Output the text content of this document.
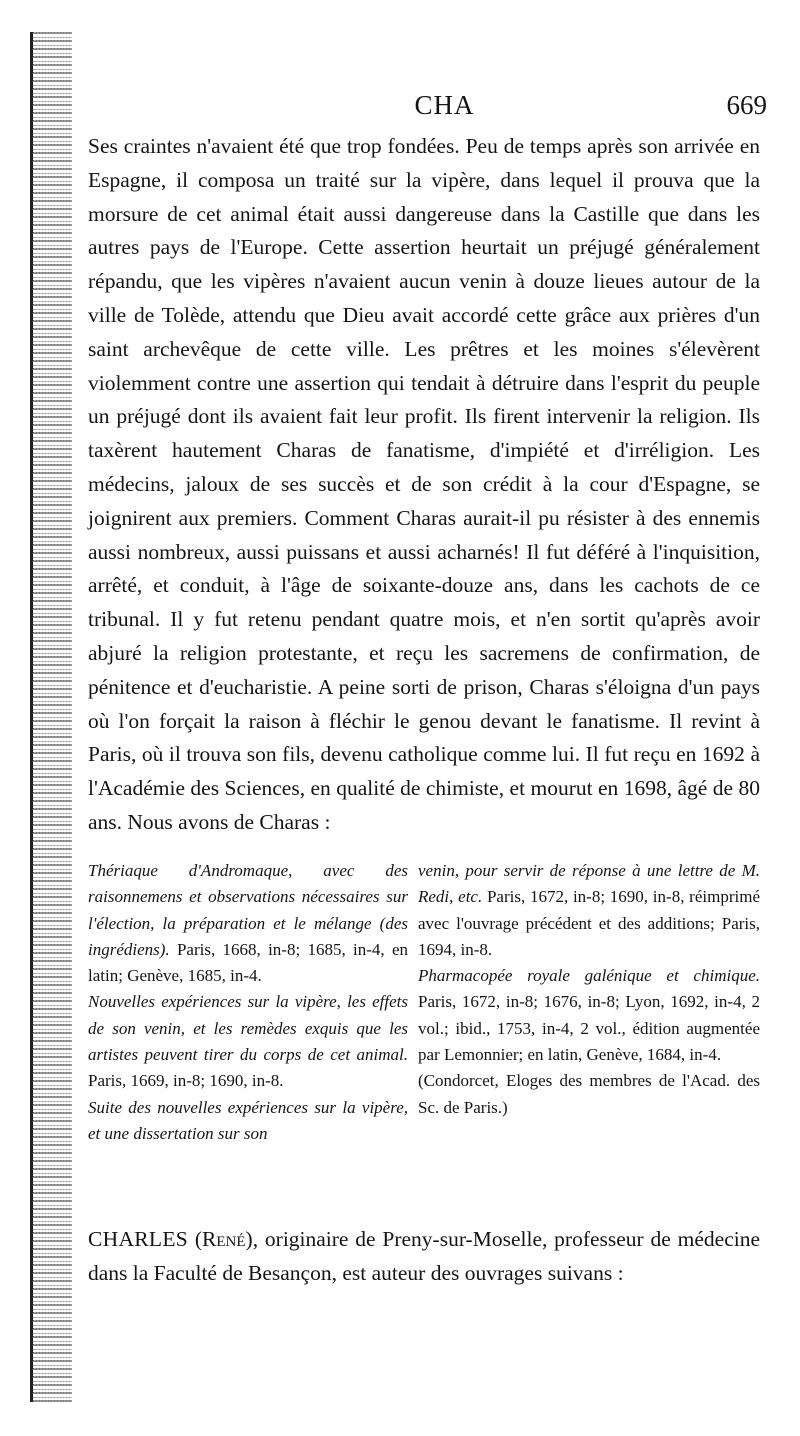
CHA	669

Ses craintes n'avaient été que trop fondées. Peu de temps après son arrivée en Espagne, il composa un traité sur la vipère, dans lequel il prouva que la morsure de cet animal était aussi dangereuse dans la Castille que dans les autres pays de l'Europe. Cette assertion heurtait un préjugé généralement répandu, que les vipères n'avaient aucun venin à douze lieues autour de la ville de Tolède, attendu que Dieu avait accordé cette grâce aux prières d'un saint archevêque de cette ville. Les prêtres et les moines s'élevèrent violemment contre une assertion qui tendait à détruire dans l'esprit du peuple un préjugé dont ils avaient fait leur profit. Ils firent intervenir la religion. Ils taxèrent hautement Charas de fanatisme, d'impiété et d'irréligion. Les médecins, jaloux de ses succès et de son crédit à la cour d'Espagne, se joignirent aux premiers. Comment Charas aurait-il pu résister à des ennemis aussi nombreux, aussi puissans et aussi acharnés! Il fut déféré à l'inquisition, arrêté, et conduit, à l'âge de soixante-douze ans, dans les cachots de ce tribunal. Il y fut retenu pendant quatre mois, et n'en sortit qu'après avoir abjuré la religion protestante, et reçu les sacremens de confirmation, de pénitence et d'eucharistie. A peine sorti de prison, Charas s'éloigna d'un pays où l'on forçait la raison à fléchir le genou devant le fanatisme. Il revint à Paris, où il trouva son fils, devenu catholique comme lui. Il fut reçu en 1692 à l'Académie des Sciences, en qualité de chimiste, et mourut en 1698, âgé de 80 ans. Nous avons de Charas :

Thériaque d'Andromaque, avec des raisonnemens et observations nécessaires sur l'élection, la préparation et le mélange (des ingrédiens). Paris, 1668, in-8; 1685, in-4, en latin; Genève, 1685, in-4.

Nouvelles expériences sur la vipère, les effets de son venin, et les remèdes exquis que les artistes peuvent tirer du corps de cet animal. Paris, 1669, in-8; 1690, in-8.

Suite des nouvelles expériences sur la vipère, et une dissertation sur son

venin, pour servir de réponse à une lettre de M. Redi, etc. Paris, 1672, in-8; 1690, in-8, réimprimé avec l'ouvrage précédent et des additions; Paris, 1694, in-8.

Pharmacopée royale galénique et chimique. Paris, 1672, in-8; 1676, in-8; Lyon, 1692, in-4, 2 vol.; ibid., 1753, in-4, 2 vol., édition augmentée par Lemonnier; en latin, Genève, 1684, in-4.

(Condorcet, Eloges des membres de l'Acad. des Sc. de Paris.)

CHARLES (René), originaire de Preny-sur-Moselle, professeur de médecine dans la Faculté de Besançon, est auteur des ouvrages suivans :
